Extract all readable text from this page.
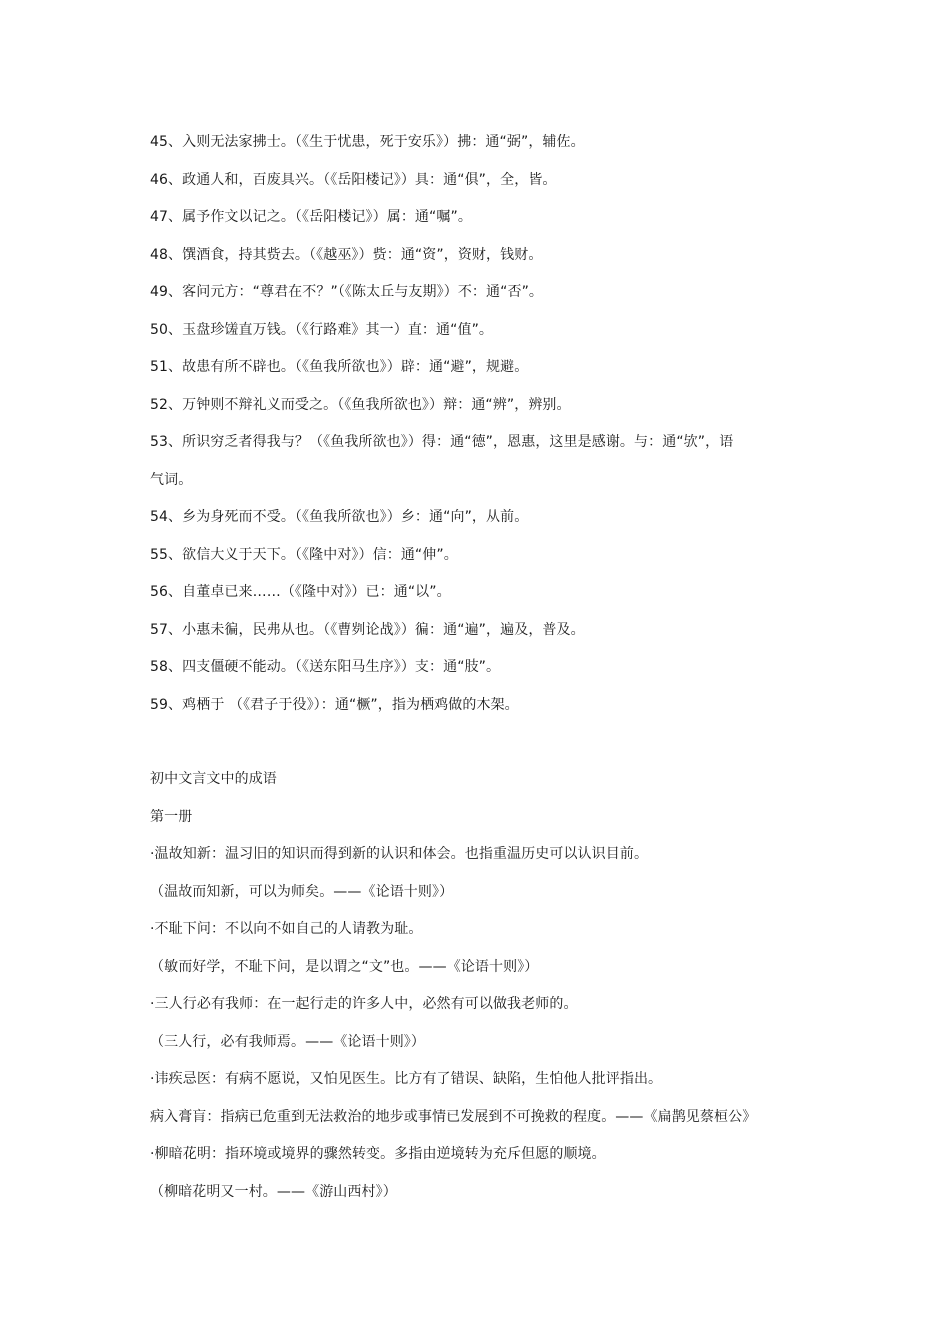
45、入则无法家拂士。（《生于忧患，死于安乐》）拂：通“弼”，辅佐。
46、政通人和，百废具兴。（《岳阳楼记》）具：通“俱”，全，皆。
47、属予作文以记之。（《岳阳楼记》）属：通“嘱”。
48、馔酒食，持其赀去。（《越巫》）赀：通“资”，资财，钱财。
49、客问元方：“尊君在不？”（《陈太丘与友期》）不：通“否”。
50、玉盘珍馐直万钱。（《行路难》其一）直：通“值”。
51、故患有所不辟也。（《鱼我所欲也》）辟：通“避”，规避。
52、万钟则不辩礼义而受之。（《鱼我所欲也》）辩：通“辨”，辨别。
53、所识穷乏者得我与？（《鱼我所欲也》）得：通“德”，恩惠，这里是感谢。与：通“欤”，语
气词。
54、乡为身死而不受。（《鱼我所欲也》）乡：通“向”，从前。
55、欲信大义于天下。（《隆中对》）信：通“伸”。
56、自董卓已来……（《隆中对》）已：通“以”。
57、小惠未徧，民弗从也。（《曹刿论战》）徧：通“遍”，遍及，普及。
58、四支僵硬不能动。（《送东阳马生序》）支：通“肢”。
59、鸡栖于 （《君子于役》）：通“橛”，指为栖鸡做的木架。
初中文言文中的成语
第一册
·温故知新：温习旧的知识而得到新的认识和体会。也指重温历史可以认识目前。
（温故而知新，可以为师矣。——《论语十则》）
·不耻下问：不以向不如自己的人请教为耻。
（敏而好学，不耻下问，是以谓之“文”也。——《论语十则》）
·三人行必有我师：在一起行走的许多人中，必然有可以做我老师的。
（三人行，必有我师焉。——《论语十则》）
·讳疾忌医：有病不愿说，又怕见医生。比方有了错误、缺陷，生怕他人批评指出。
病入膏肓：指病已危重到无法救治的地步或事情已发展到不可挽救的程度。——《扁鹊见蔡桓公》
·柳暗花明：指环境或境界的骤然转变。多指由逆境转为充斥但愿的顺境。
（柳暗花明又一村。——《游山西村》）
